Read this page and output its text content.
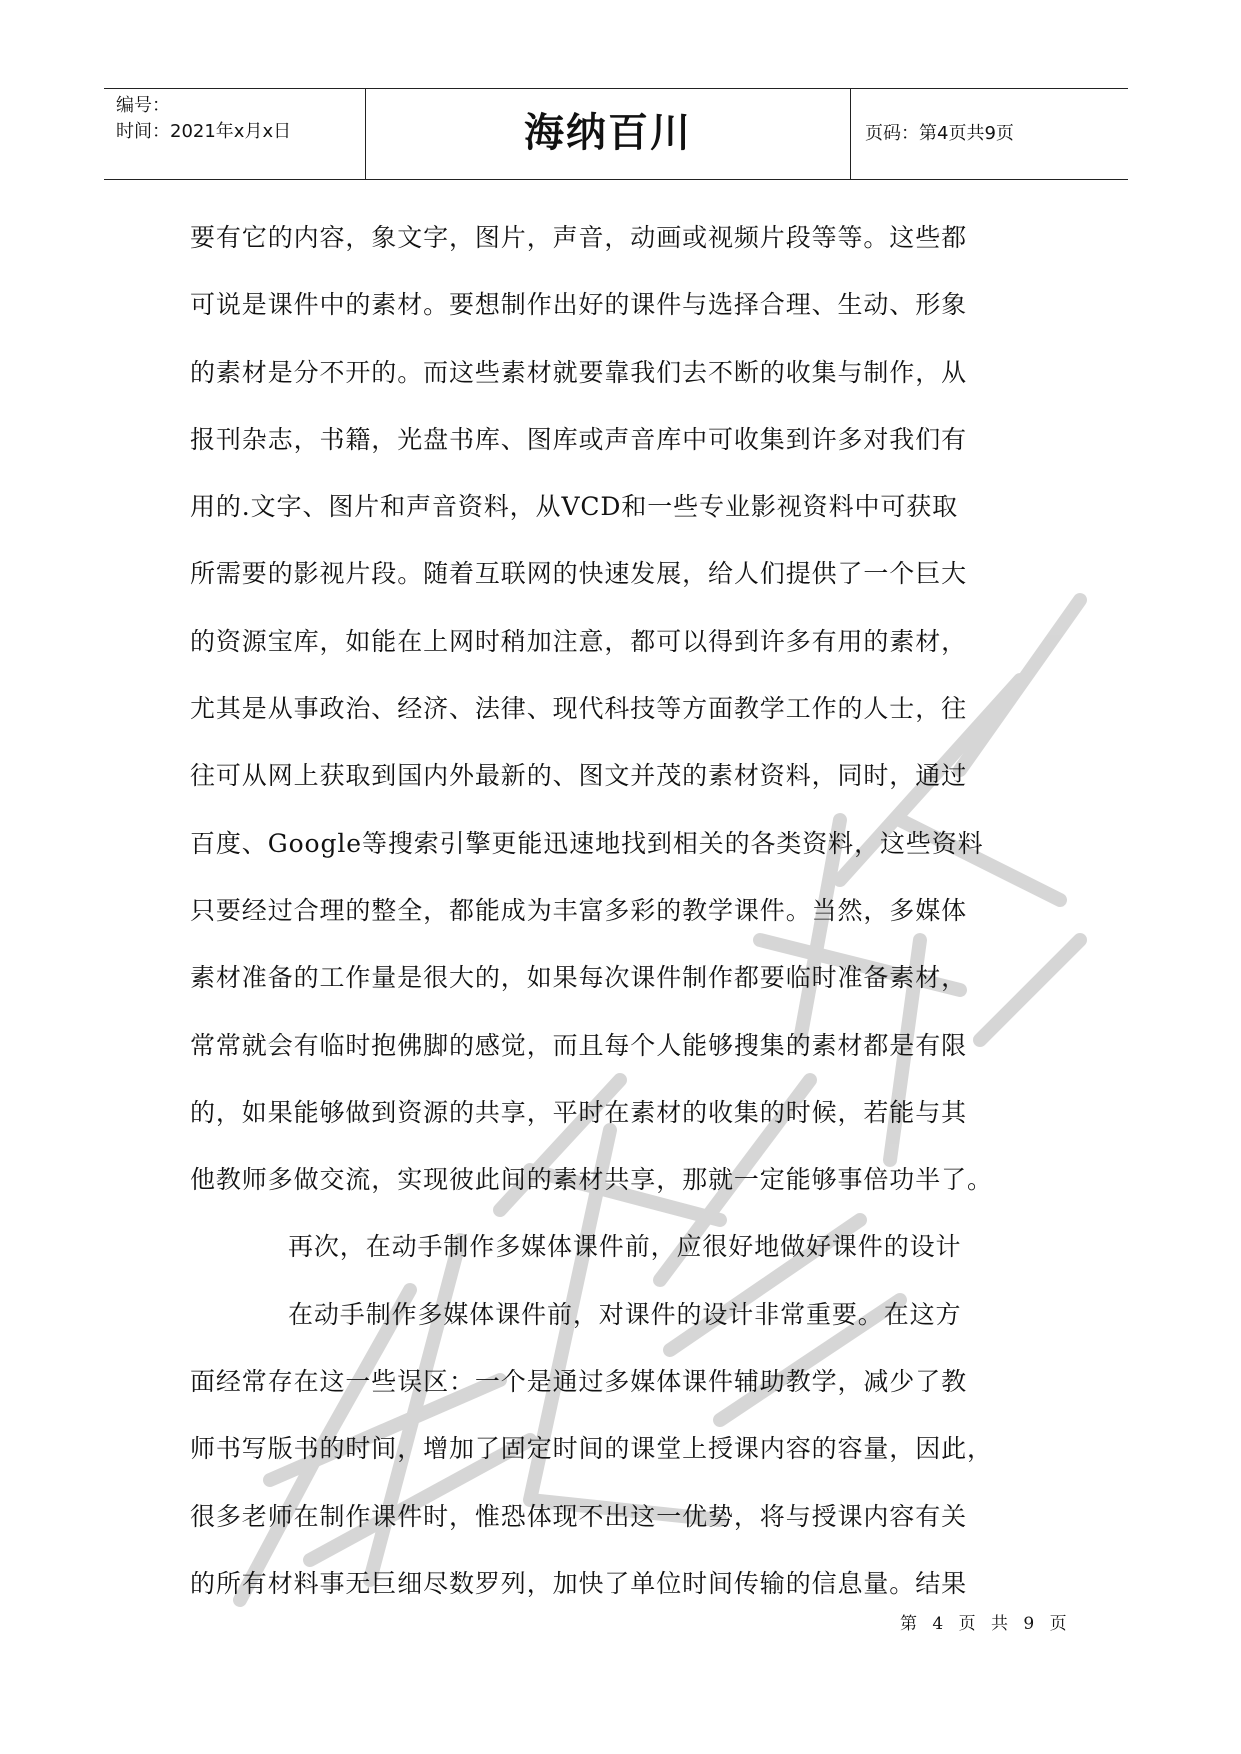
编号：
时间：2021年x月x日	海纳百川	页码：第4页共9页
要有它的内容，象文字，图片，声音，动画或视频片段等等。这些都
可说是课件中的素材。要想制作出好的课件与选择合理、生动、形象
的素材是分不开的。而这些素材就要靠我们去不断的收集与制作，从
报刊杂志，书籍，光盘书库、图库或声音库中可收集到许多对我们有
用的.文字、图片和声音资料，从VCD和一些专业影视资料中可获取
所需要的影视片段。随着互联网的快速发展，给人们提供了一个巨大
的资源宝库，如能在上网时稍加注意，都可以得到许多有用的素材，
尤其是从事政治、经济、法律、现代科技等方面教学工作的人士，往
往可从网上获取到国内外最新的、图文并茂的素材资料，同时，通过
百度、Google等搜索引擎更能迅速地找到相关的各类资料，这些资料
只要经过合理的整全，都能成为丰富多彩的教学课件。当然，多媒体
素材准备的工作量是很大的，如果每次课件制作都要临时准备素材，
常常就会有临时抱佛脚的感觉，而且每个人能够搜集的素材都是有限
的，如果能够做到资源的共享，平时在素材的收集的时候，若能与其
他教师多做交流，实现彼此间的素材共享，那就一定能够事倍功半了。
再次，在动手制作多媒体课件前，应很好地做好课件的设计
在动手制作多媒体课件前，对课件的设计非常重要。在这方
面经常存在这一些误区：一个是通过多媒体课件辅助教学，减少了教
师书写版书的时间，增加了固定时间的课堂上授课内容的容量，因此，
很多老师在制作课件时，惟恐体现不出这一优势，将与授课内容有关
的所有材料事无巨细尽数罗列，加快了单位时间传输的信息量。结果
第 4 页 共 9 页
